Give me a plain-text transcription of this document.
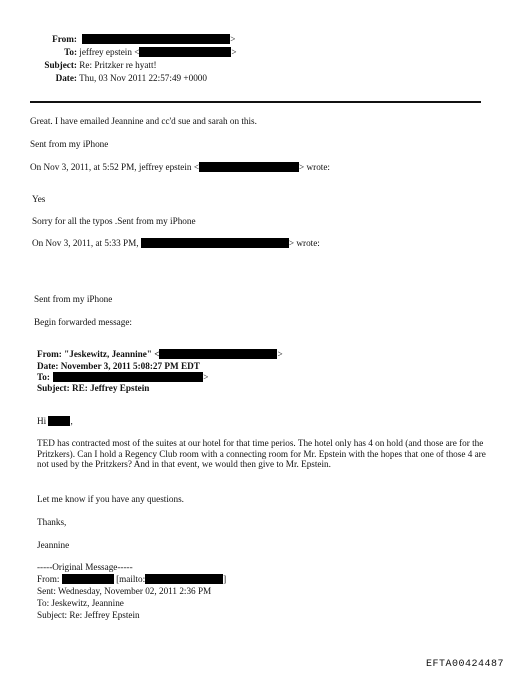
From:	>
To: jeffrey epstein <	>
Subject: Re: Pritzker re hyatt!
Date: Thu, 03 Nov 2011 22:57:49 +0000
Great. I have emailed Jeannine and cc'd sue and sarah on this.
Sent from my iPhone
On Nov 3, 2011, at 5:52 PM, jeffrey epstein <	> wrote:
Yes
Sorry for all the typos .Sent from my iPhone
On Nov 3, 2011, at 5:33 PM,	> wrote:
Sent from my iPhone
Begin forwarded message:
From: "Jeskewitz, Jeannine" <	>
Date: November 3, 2011 5:08:27 PM EDT
To:	>
Subject: RE: Jeffrey Epstein
Hi	,
TED has contracted most of the suites at our hotel for that time perios. The hotel only has 4 on hold (and those are for the Pritzkers). Can I hold a Regency Club room with a connecting room for Mr. Epstein with the hopes that one of those 4 are not used by the Pritzkers? And in that event, we would then give to Mr. Epstein.
Let me know if you have any questions.
Thanks,
Jeannine
-----Original Message-----
From:	[mailto:	]
Sent: Wednesday, November 02, 2011 2:36 PM
To: Jeskewitz, Jeannine
Subject: Re: Jeffrey Epstein
EFTA00424487
